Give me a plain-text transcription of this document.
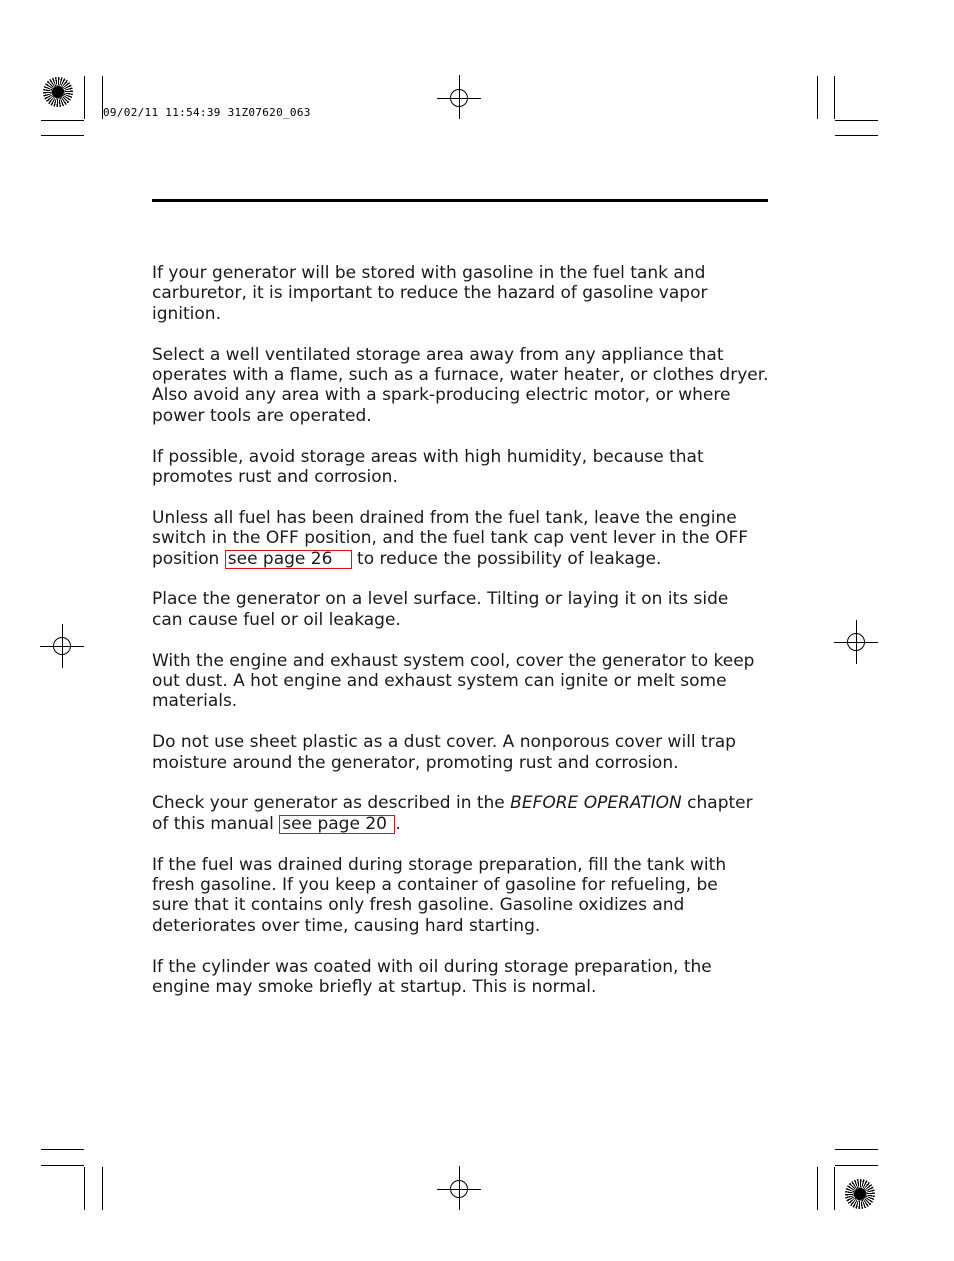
09/02/11 11:54:39 31Z07620_063

If your generator will be stored with gasoline in the fuel tank and
carburetor, it is important to reduce the hazard of gasoline vapor
ignition.

Select a well ventilated storage area away from any appliance that
operates with a flame, such as a furnace, water heater, or clothes dryer.
Also avoid any area with a spark-producing electric motor, or where
power tools are operated.

If possible, avoid storage areas with high humidity, because that
promotes rust and corrosion.

Unless all fuel has been drained from the fuel tank, leave the engine
switch in the OFF position, and the fuel tank cap vent lever in the OFF
position see page 26    to reduce the possibility of leakage.

Place the generator on a level surface. Tilting or laying it on its side
can cause fuel or oil leakage.

With the engine and exhaust system cool, cover the generator to keep
out dust. A hot engine and exhaust system can ignite or melt some
materials.

Do not use sheet plastic as a dust cover. A nonporous cover will trap
moisture around the generator, promoting rust and corrosion.

Check your generator as described in the BEFORE OPERATION chapter
of this manual see page 20 .

If the fuel was drained during storage preparation, fill the tank with
fresh gasoline. If you keep a container of gasoline for refueling, be
sure that it contains only fresh gasoline. Gasoline oxidizes and
deteriorates over time, causing hard starting.

If the cylinder was coated with oil during storage preparation, the
engine may smoke briefly at startup. This is normal.
